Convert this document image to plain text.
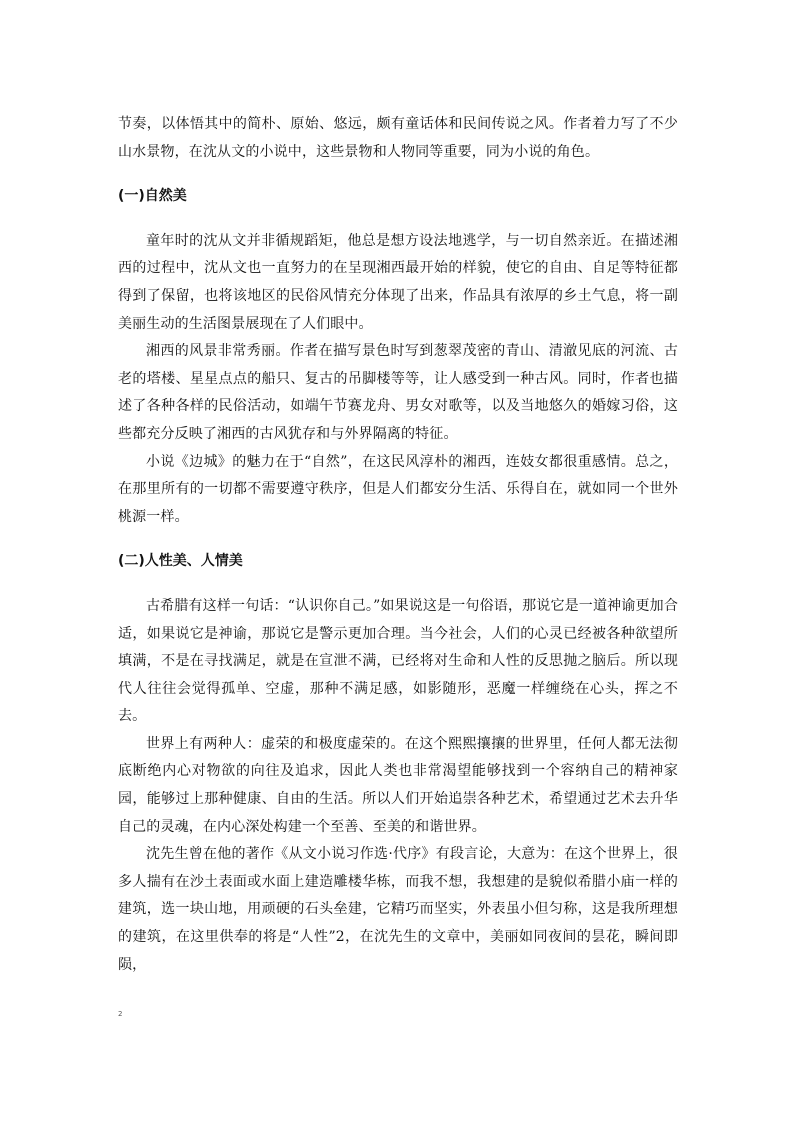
节奏，以体悟其中的简朴、原始、悠远，颇有童话体和民间传说之风。作者着力写了不少山水景物，在沈从文的小说中，这些景物和人物同等重要，同为小说的角色。

(一)自然美

童年时的沈从文并非循规蹈矩，他总是想方设法地逃学，与一切自然亲近。在描述湘西的过程中，沈从文也一直努力的在呈现湘西最开始的样貌，使它的自由、自足等特征都得到了保留，也将该地区的民俗风情充分体现了出来，作品具有浓厚的乡土气息，将一副美丽生动的生活图景展现在了人们眼中。

湘西的风景非常秀丽。作者在描写景色时写到葱翠茂密的青山、清澈见底的河流、古老的塔楼、星星点点的船只、复古的吊脚楼等等，让人感受到一种古风。同时，作者也描述了各种各样的民俗活动，如端午节赛龙舟、男女对歌等，以及当地悠久的婚嫁习俗，这些都充分反映了湘西的古风犹存和与外界隔离的特征。

小说《边城》的魅力在于“自然”，在这民风淳朴的湘西，连妓女都很重感情。总之，在那里所有的一切都不需要遵守秩序，但是人们都安分生活、乐得自在，就如同一个世外桃源一样。

(二)人性美、人情美

古希腊有这样一句话：“认识你自己。”如果说这是一句俗语，那说它是一道神谕更加合适，如果说它是神谕，那说它是警示更加合理。当今社会，人们的心灵已经被各种欲望所填满，不是在寻找满足，就是在宣泄不满，已经将对生命和人性的反思抛之脑后。所以现代人往往会觉得孤单、空虚，那种不满足感，如影随形，恶魔一样缠绕在心头，挥之不去。

世界上有两种人：虚荣的和极度虚荣的。在这个熙熙攘攘的世界里，任何人都无法彻底断绝内心对物欲的向往及追求，因此人类也非常渴望能够找到一个容纳自己的精神家园，能够过上那种健康、自由的生活。所以人们开始追崇各种艺术，希望通过艺术去升华自己的灵魂，在内心深处构建一个至善、至美的和谐世界。

沈先生曾在他的著作《从文小说习作选·代序》有段言论，大意为：在这个世界上，很多人揣有在沙土表面或水面上建造雕楼华栋，而我不想，我想建的是貌似希腊小庙一样的建筑，选一块山地，用顽硬的石头垒建，它精巧而坚实，外表虽小但匀称，这是我所理想的建筑，在这里供奉的将是“人性”2，在沈先生的文章中，美丽如同夜间的昙花，瞬间即陨，

2
